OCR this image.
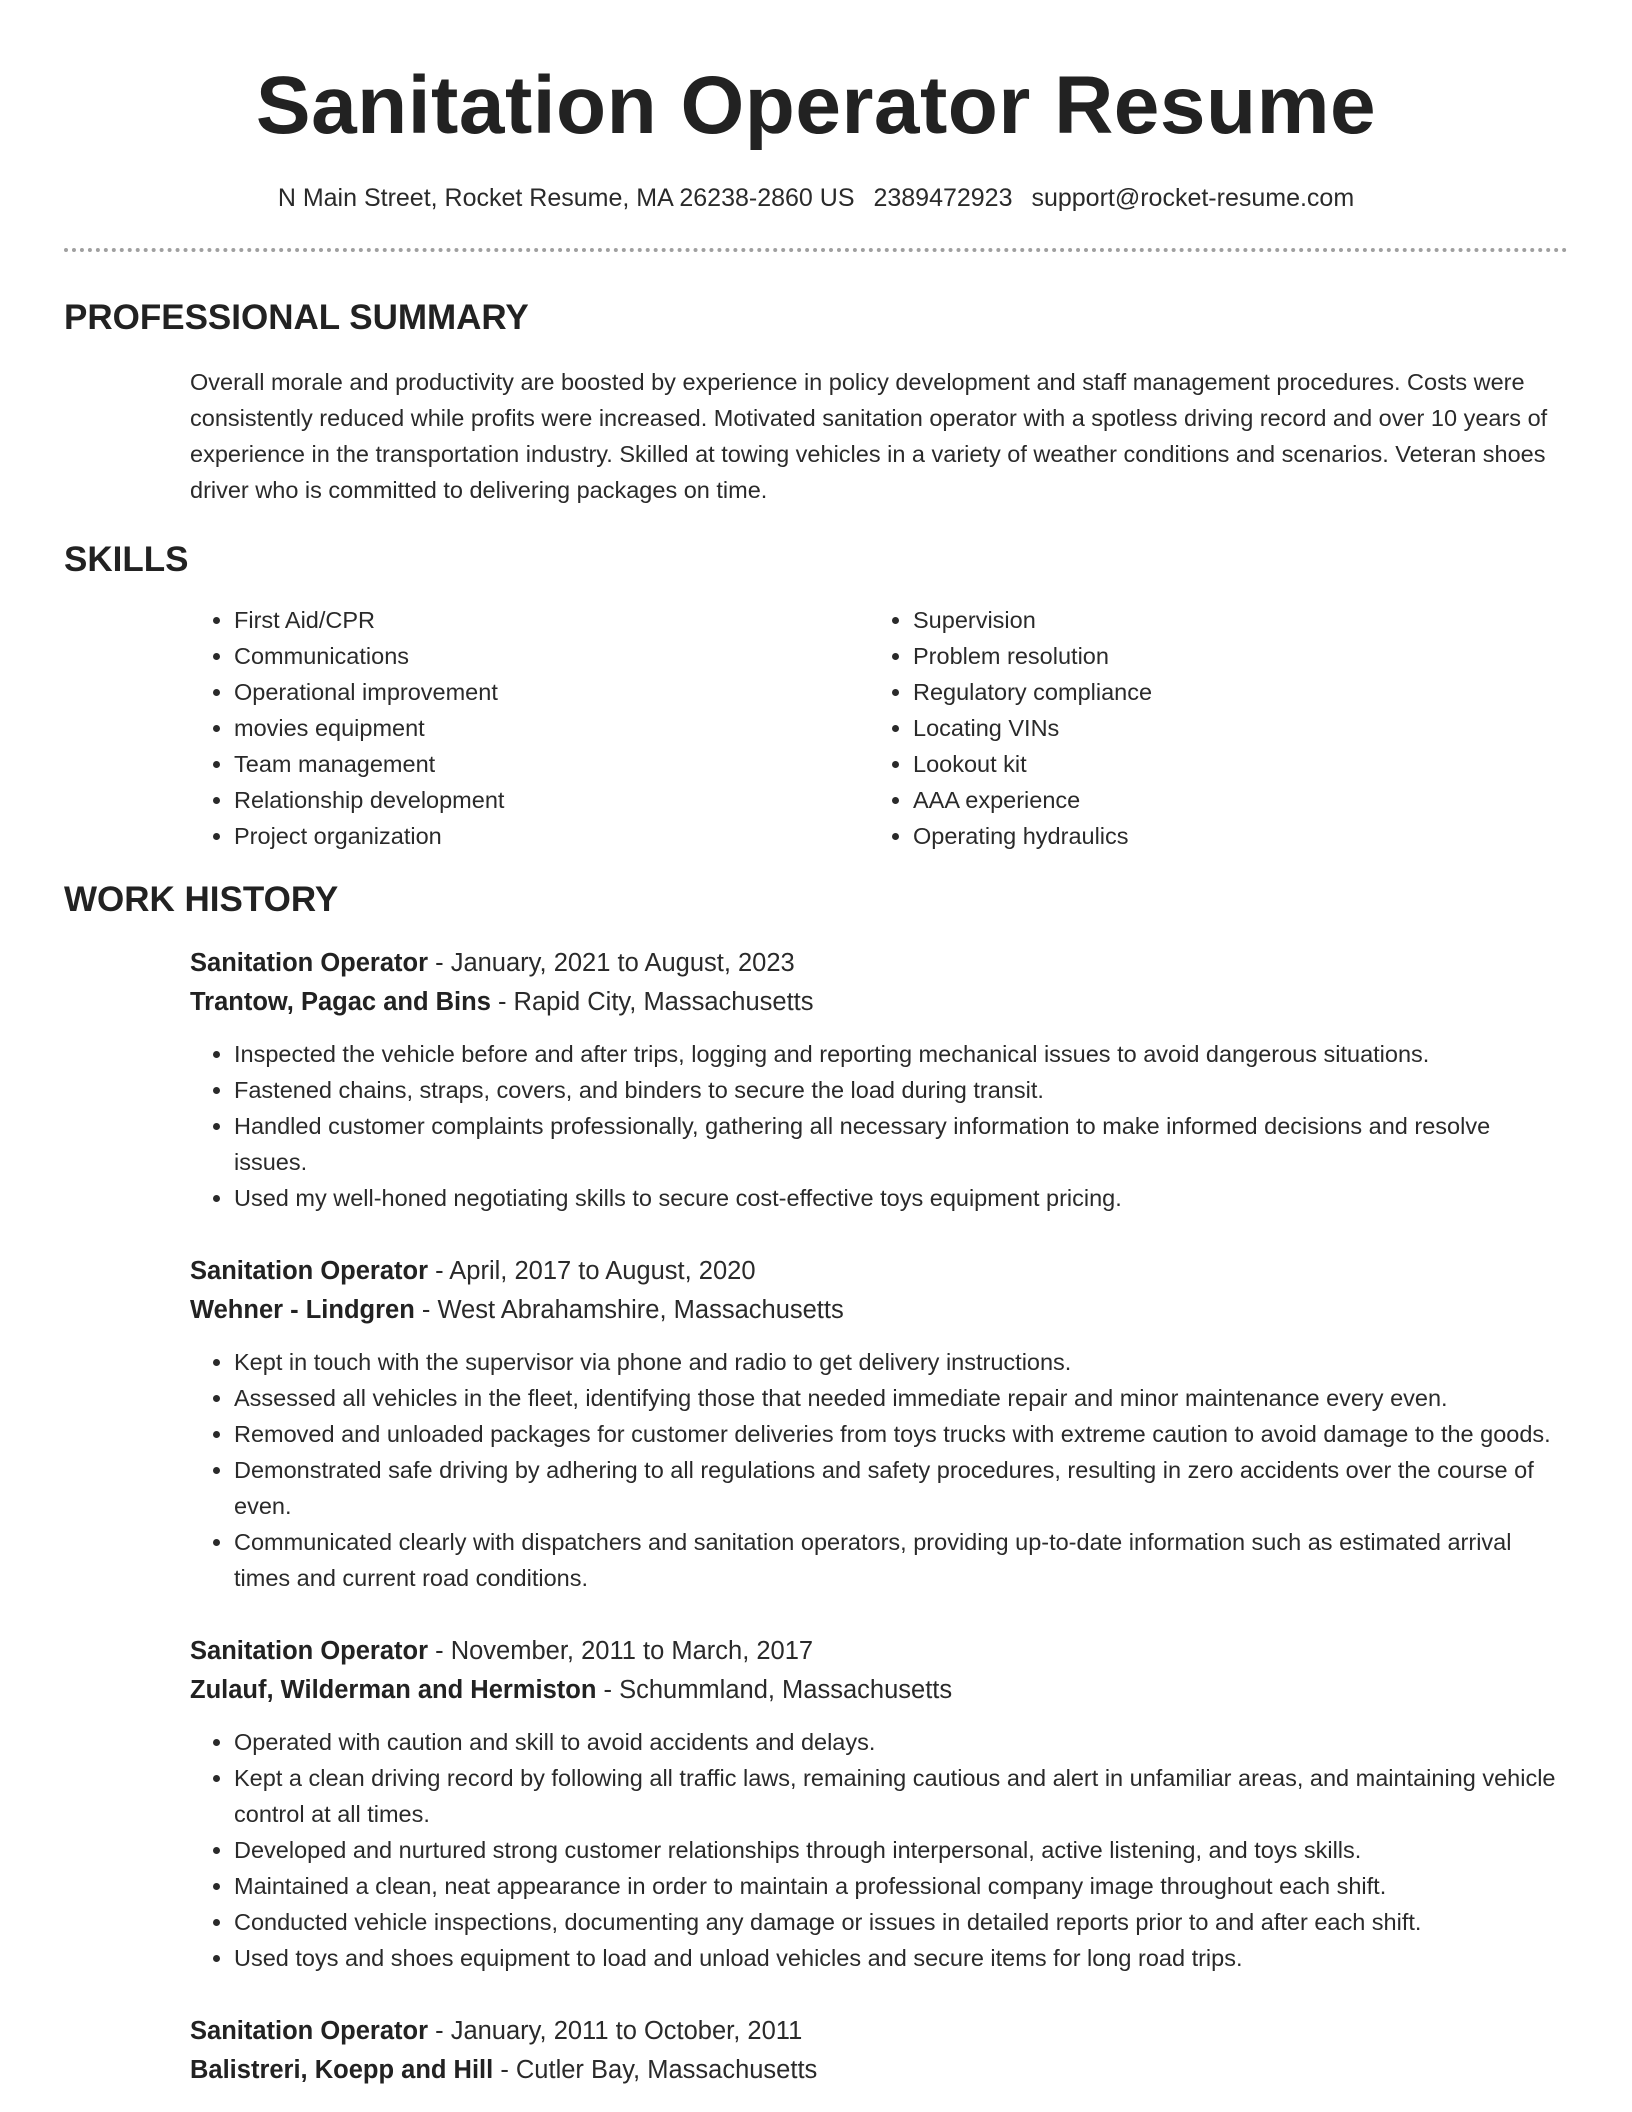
Sanitation Operator Resume
N Main Street, Rocket Resume, MA 26238-2860 US 2389472923 support@rocket-resume.com
PROFESSIONAL SUMMARY

Overall morale and productivity are boosted by experience in policy development and staff management procedures. Costs were consistently reduced while profits were increased. Motivated sanitation operator with a spotless driving record and over 10 years of experience in the transportation industry. Skilled at towing vehicles in a variety of weather conditions and scenarios. Veteran shoes driver who is committed to delivering packages on time.

SKILLS
• First Aid/CPR
• Communications
• Operational improvement
• movies equipment
• Team management
• Relationship development
• Project organization
• Supervision
• Problem resolution
• Regulatory compliance
• Locating VINs
• Lookout kit
• AAA experience
• Operating hydraulics
WORK HISTORY
Sanitation Operator - January, 2021 to August, 2023
Trantow, Pagac and Bins - Rapid City, Massachusetts
• Inspected the vehicle before and after trips, logging and reporting mechanical issues to avoid dangerous situations.
• Fastened chains, straps, covers, and binders to secure the load during transit.
• Handled customer complaints professionally, gathering all necessary information to make informed decisions and resolve issues.
• Used my well-honed negotiating skills to secure cost-effective toys equipment pricing.
Sanitation Operator - April, 2017 to August, 2020
Wehner - Lindgren - West Abrahamshire, Massachusetts
• Kept in touch with the supervisor via phone and radio to get delivery instructions.
• Assessed all vehicles in the fleet, identifying those that needed immediate repair and minor maintenance every even.
• Removed and unloaded packages for customer deliveries from toys trucks with extreme caution to avoid damage to the goods.
• Demonstrated safe driving by adhering to all regulations and safety procedures, resulting in zero accidents over the course of even.
• Communicated clearly with dispatchers and sanitation operators, providing up-to-date information such as estimated arrival times and current road conditions.
Sanitation Operator - November, 2011 to March, 2017
Zulauf, Wilderman and Hermiston - Schummland, Massachusetts
• Operated with caution and skill to avoid accidents and delays.
• Kept a clean driving record by following all traffic laws, remaining cautious and alert in unfamiliar areas, and maintaining vehicle control at all times.
• Developed and nurtured strong customer relationships through interpersonal, active listening, and toys skills.
• Maintained a clean, neat appearance in order to maintain a professional company image throughout each shift.
• Conducted vehicle inspections, documenting any damage or issues in detailed reports prior to and after each shift.
• Used toys and shoes equipment to load and unload vehicles and secure items for long road trips.
Sanitation Operator - January, 2011 to October, 2011
Balistreri, Koepp and Hill - Cutler Bay, Massachusetts
